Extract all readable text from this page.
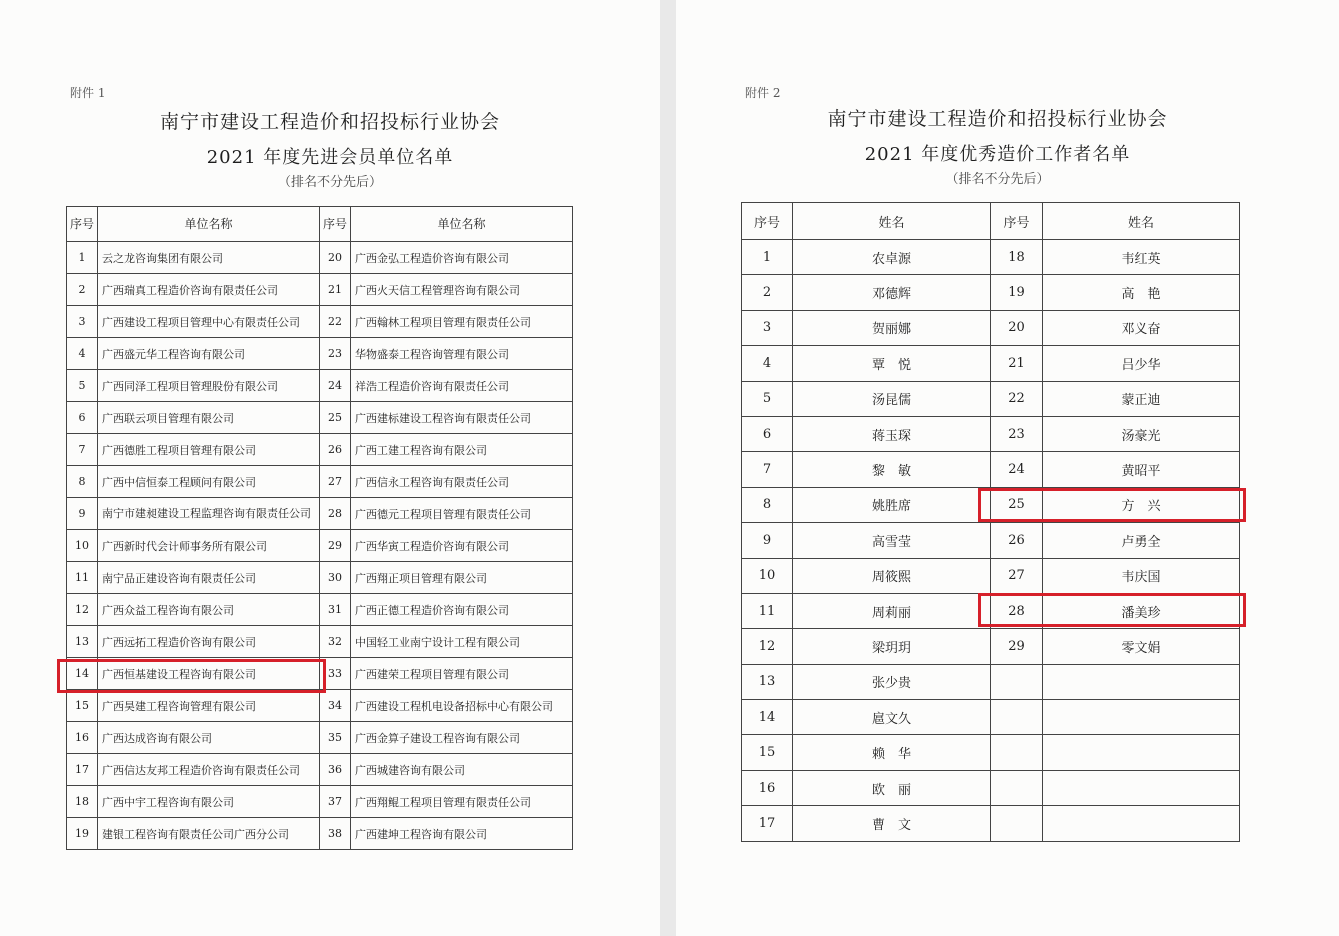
附件 1
南宁市建设工程造价和招投标行业协会
2021 年度先进会员单位名单
（排名不分先后）
序号	单位名称	序号	单位名称
1	云之龙咨询集团有限公司	20	广西金弘工程造价咨询有限公司
2	广西瑞真工程造价咨询有限责任公司	21	广西火天信工程管理咨询有限公司
3	广西建设工程项目管理中心有限责任公司	22	广西翰林工程项目管理有限责任公司
4	广西盛元华工程咨询有限公司	23	华物盛泰工程咨询管理有限公司
5	广西同泽工程项目管理股份有限公司	24	祥浩工程造价咨询有限责任公司
6	广西联云项目管理有限公司	25	广西建标建设工程咨询有限责任公司
7	广西德胜工程项目管理有限公司	26	广西工建工程咨询有限公司
8	广西中信恒泰工程顾问有限公司	27	广西信永工程咨询有限责任公司
9	南宁市建昶建设工程监理咨询有限责任公司	28	广西德元工程项目管理有限责任公司
10	广西新时代会计师事务所有限公司	29	广西华寅工程造价咨询有限公司
11	南宁品正建设咨询有限责任公司	30	广西翔正项目管理有限公司
12	广西众益工程咨询有限公司	31	广西正德工程造价咨询有限公司
13	广西远拓工程造价咨询有限公司	32	中国轻工业南宁设计工程有限公司
14	广西恒基建设工程咨询有限公司	33	广西建荣工程项目管理有限公司
15	广西昊建工程咨询管理有限公司	34	广西建设工程机电设备招标中心有限公司
16	广西达成咨询有限公司	35	广西金算子建设工程咨询有限公司
17	广西信达友邦工程造价咨询有限责任公司	36	广西城建咨询有限公司
18	广西中宇工程咨询有限公司	37	广西翔鲲工程项目管理有限责任公司
19	建银工程咨询有限责任公司广西分公司	38	广西建坤工程咨询有限公司
附件 2
南宁市建设工程造价和招投标行业协会
2021 年度优秀造价工作者名单
（排名不分先后）
序号	姓名	序号	姓名
1	农卓源	18	韦红英
2	邓德辉	19	高　艳
3	贺丽娜	20	邓义奋
4	覃　悦	21	吕少华
5	汤昆儒	22	蒙正迪
6	蒋玉琛	23	汤豪光
7	黎　敏	24	黄昭平
8	姚胜席	25	方　兴
9	高雪莹	26	卢勇全
10	周筱熙	27	韦庆国
11	周莉丽	28	潘美珍
12	梁玥玥	29	零文娟
13	张少贵		
14	扈文久		
15	赖　华		
16	欧　丽		
17	曹　文		
